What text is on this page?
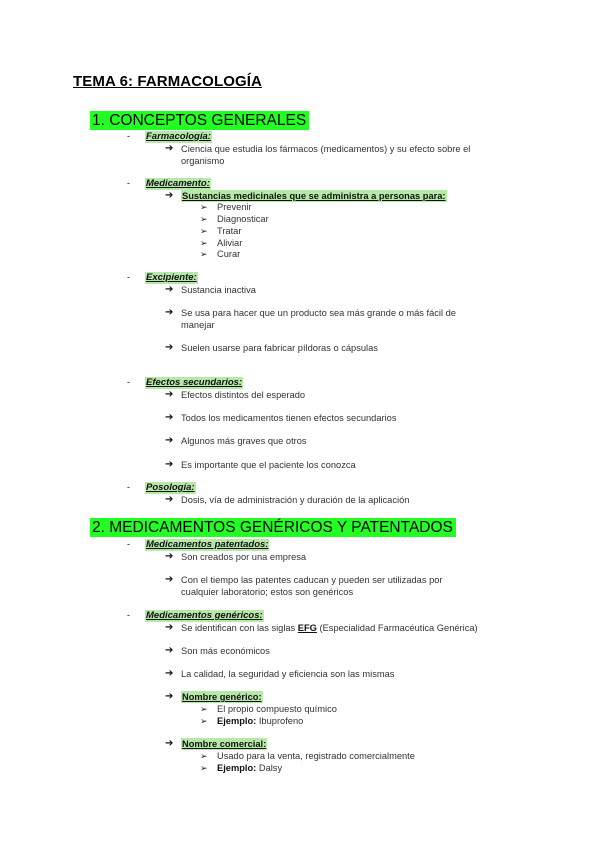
TEMA 6: FARMACOLOGÍA
1. CONCEPTOS GENERALES
- Farmacología:
➔ Ciencia que estudia los fármacos (medicamentos) y su efecto sobre el
organismo
- Medicamento:
➔ Sustancias medicinales que se administra a personas para:
➢ Prevenir
➢ Diagnosticar
➢ Tratar
➢ Aliviar
➢ Curar
- Excipiente:
➔ Sustancia inactiva
➔ Se usa para hacer que un producto sea más grande o más fácil de
manejar
➔ Suelen usarse para fabricar píldoras o cápsulas
- Efectos secundarios:
➔ Efectos distintos del esperado
➔ Todos los medicamentos tienen efectos secundarios
➔ Algunos más graves que otros
➔ Es importante que el paciente los conozca
- Posología:
➔ Dosis, vía de administración y duración de la aplicación
2. MEDICAMENTOS GENÉRICOS Y PATENTADOS
- Medicamentos patentados:
➔ Son creados por una empresa
➔ Con el tiempo las patentes caducan y pueden ser utilizadas por
cualquier laboratorio; estos son genéricos
- Medicamentos genéricos:
➔ Se identifican con las siglas EFG (Especialidad Farmacéutica Genérica)
➔ Son más económicos
➔ La calidad, la seguridad y eficiencia son las mismas
➔ Nombre genérico:
➢ El propio compuesto químico
➢ Ejemplo: Ibuprofeno
➔ Nombre comercial:
➢ Usado para la venta, registrado comercialmente
➢ Ejemplo: Dalsy
